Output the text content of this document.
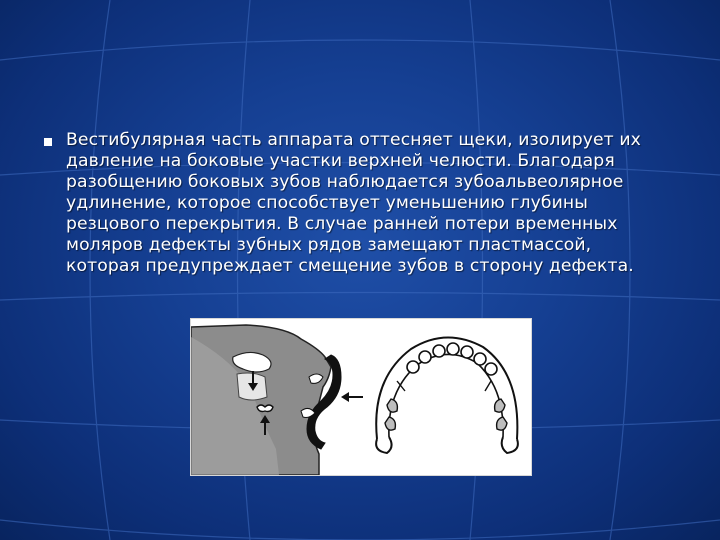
Вестибулярная часть аппарата оттесняет щеки, изолирует их
давление на боковые участки верхней челюсти. Благодаря
разобщению боковых зубов наблюдается зубоальвеолярное
удлинение, которое способствует уменьшению глубины
резцового перекрытия. В случае ранней потери временных
моляров дефекты зубных рядов замещают пластмассой,
которая предупреждает смещение зубов в сторону дефекта.
